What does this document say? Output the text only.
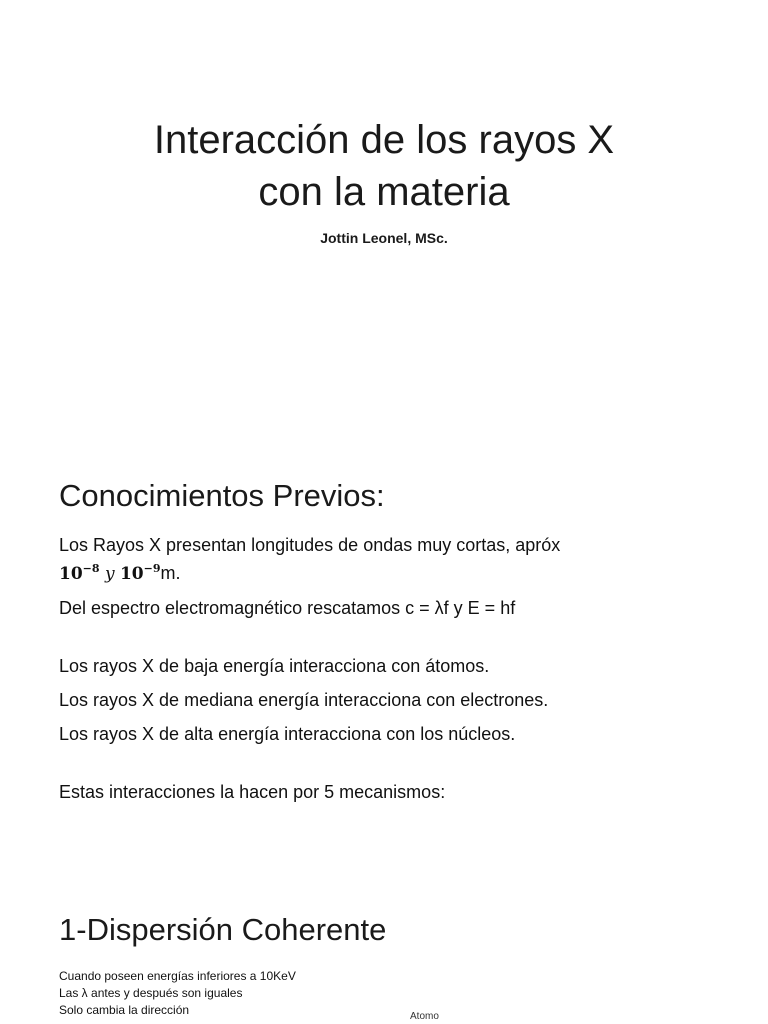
Interacción de los rayos X
con la materia
Jottin Leonel, MSc.
Conocimientos Previos:

Los Rayos X presentan longitudes de ondas muy cortas, apróx

$10^{-8}$ y $10^{-9}m$.

Del espectro electromagnético rescatamos c = λf y E = hf

Los rayos X de baja energía interacciona con átomos.

Los rayos X de mediana energía interacciona con electrones.

Los rayos X de alta energía interacciona con los núcleos.

Estas interacciones la hacen por 5 mecanismos:

1-Dispersión Coherente
Cuando poseen energías inferiores a 10KeV
Las λ antes y después son iguales
Solo cambia la dirección	Atomo
